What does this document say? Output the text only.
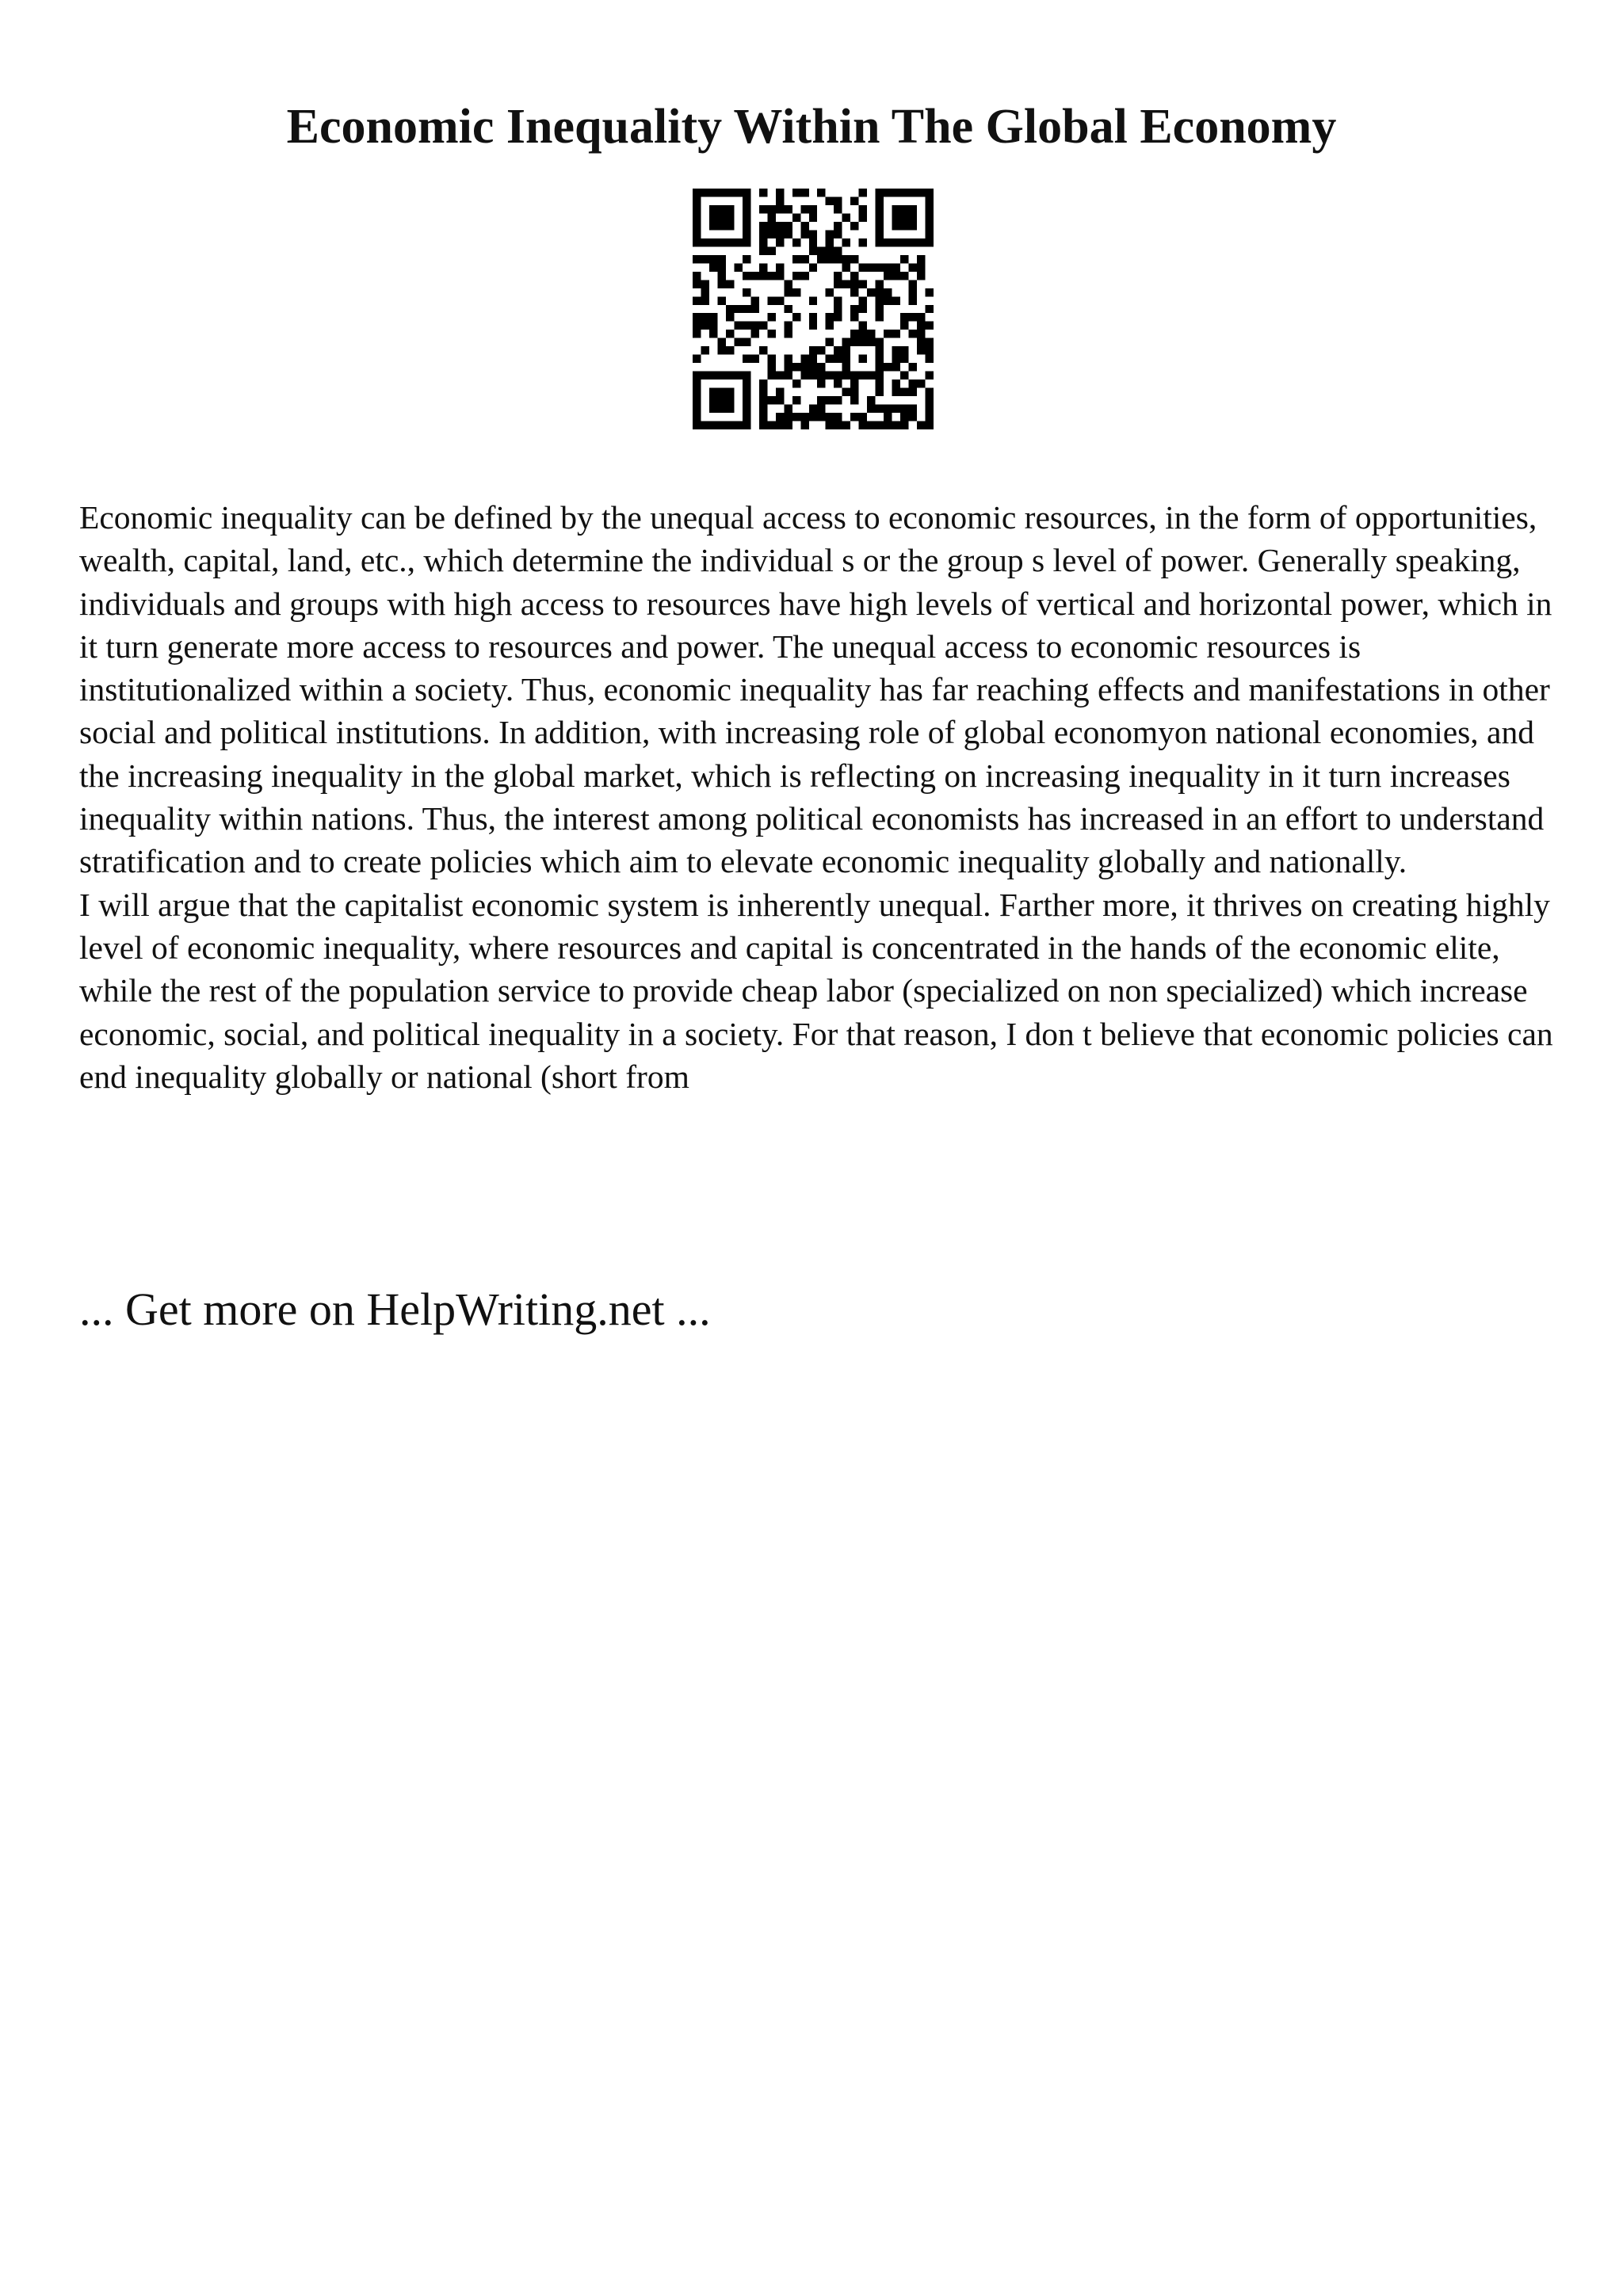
Economic Inequality Within The Global Economy

Economic inequality can be defined by the unequal access to economic resources, in the form of opportunities, wealth, capital, land, etc., which determine the individual s or the group s level of power. Generally speaking, individuals and groups with high access to resources have high levels of vertical and horizontal power, which in it turn generate more access to resources and power. The unequal access to economic resources is institutionalized within a society. Thus, economic inequality has far reaching effects and manifestations in other social and political institutions. In addition, with increasing role of global economyon national economies, and the increasing inequality in the global market, which is reflecting on increasing inequality in it turn increases inequality within nations. Thus, the interest among political economists has increased in an effort to understand stratification and to create policies which aim to elevate economic inequality globally and nationally.

I will argue that the capitalist economic system is inherently unequal. Farther more, it thrives on creating highly level of economic inequality, where resources and capital is concentrated in the hands of the economic elite, while the rest of the population service to provide cheap labor (specialized on non specialized) which increase economic, social, and political inequality in a society. For that reason, I don t believe that economic policies can end inequality globally or national (short from

... Get more on HelpWriting.net ...
